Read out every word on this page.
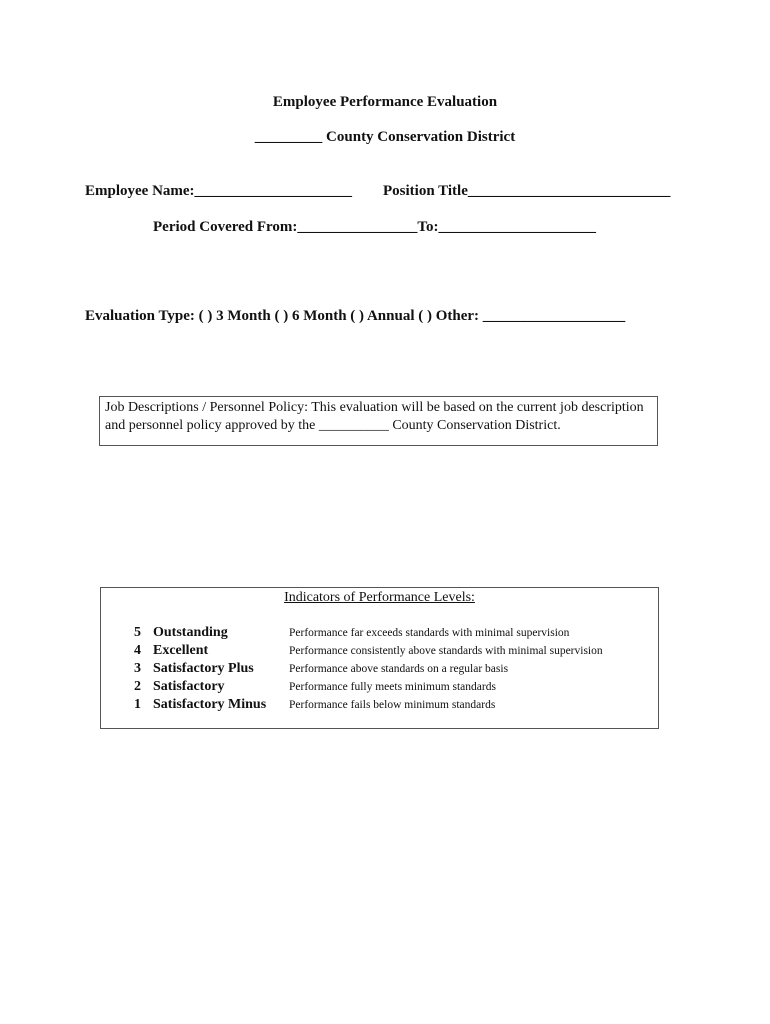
Employee Performance Evaluation
_________ County Conservation District
Employee Name:_____________________ Position Title___________________________
Period Covered From:________________To:_____________________
Evaluation Type: ( ) 3 Month ( ) 6 Month ( ) Annual ( ) Other: ___________________
Job Descriptions / Personnel Policy: This evaluation will be based on the current job description and personnel policy approved by the __________ County Conservation District.
Indicators of Performance Levels:
5 Outstanding	Performance far exceeds standards with minimal supervision
4 Excellent	Performance consistently above standards with minimal supervision
3 Satisfactory Plus	Performance above standards on a regular basis
2 Satisfactory	Performance fully meets minimum standards
1 Satisfactory Minus Performance fails below minimum standards
